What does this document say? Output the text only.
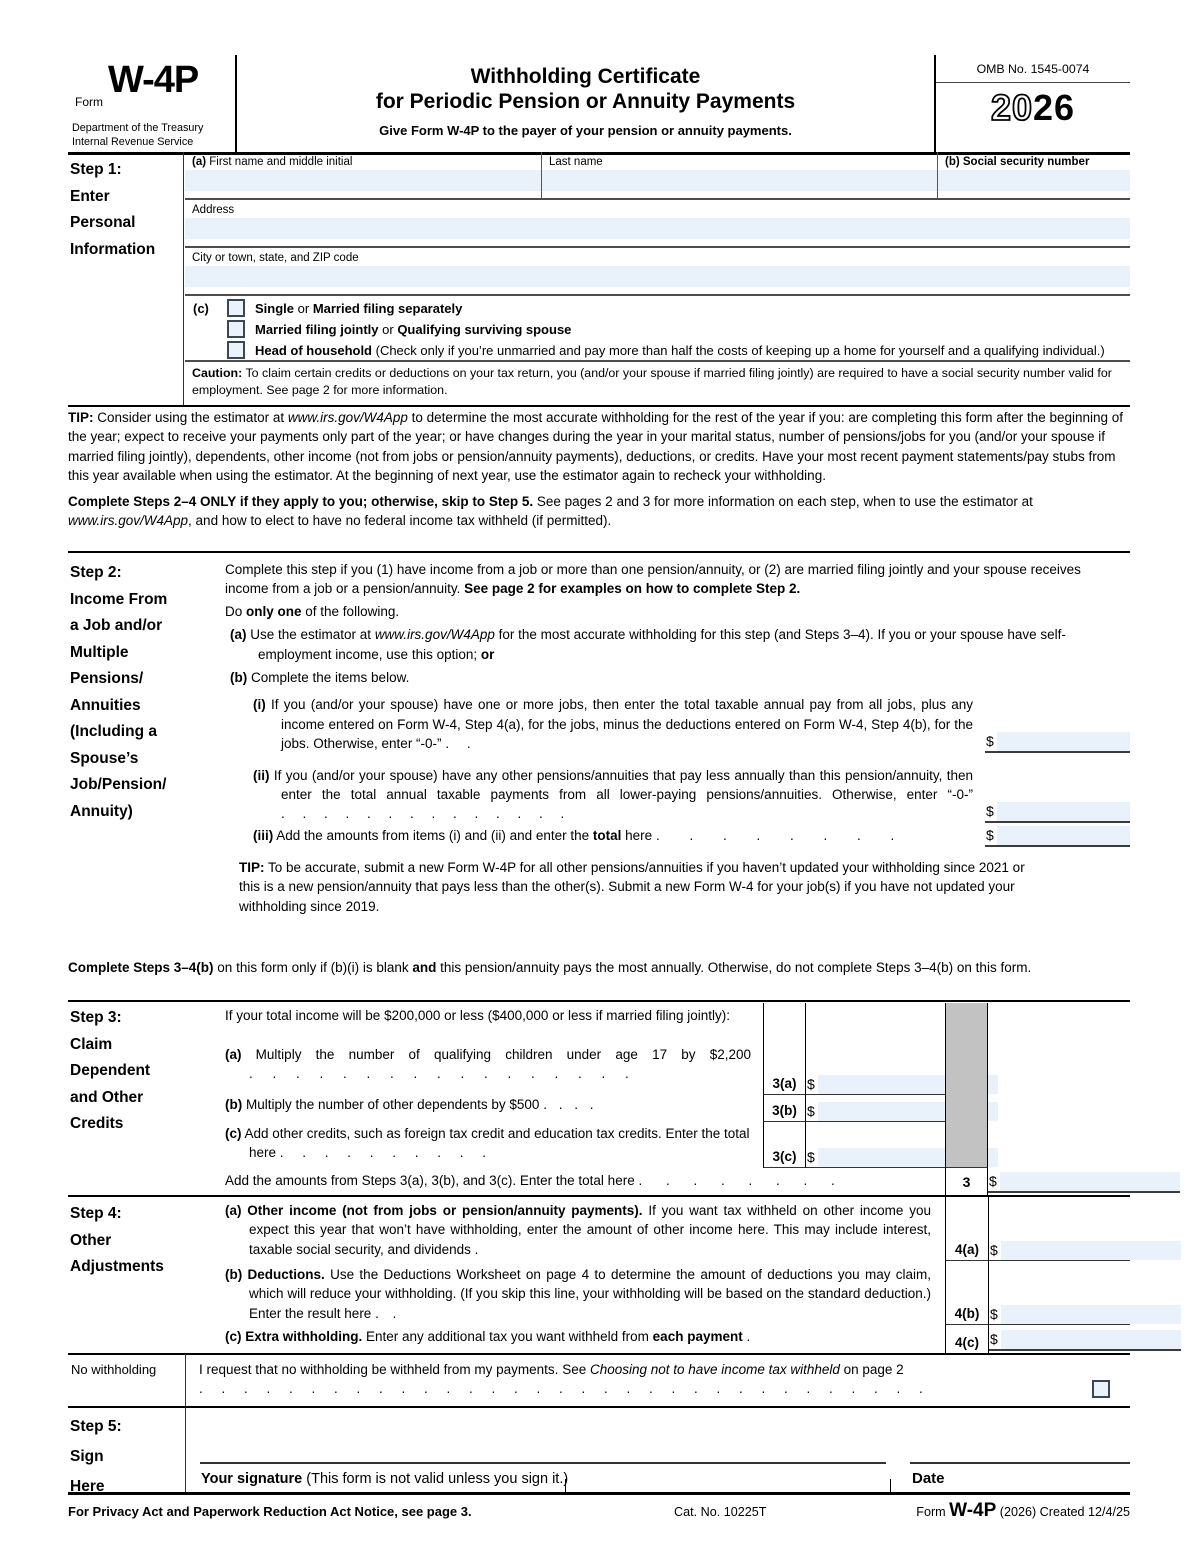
Form
W-4P
Department of the Treasury
Internal Revenue Service
Withholding Certificate
for Periodic Pension or Annuity Payments
Give Form W-4P to the payer of your pension or annuity payments.
OMB No. 1545-0074
2026
Step 1:
Enter
Personal
Information
(a) First name and middle initial	Last name	(b) Social security number
Address
City or town, state, and ZIP code
(c)	Single or Married filing separately
Married filing jointly or Qualifying surviving spouse
Head of household (Check only if you’re unmarried and pay more than half the costs of keeping up a home for yourself and a qualifying individual.)
Caution: To claim certain credits or deductions on your tax return, you (and/or your spouse if married filing jointly) are required to have a social security number valid for employment. See page 2 for more information.
TIP: Consider using the estimator at www.irs.gov/W4App to determine the most accurate withholding for the rest of the year if you: are completing this form after the beginning of the year; expect to receive your payments only part of the year; or have changes during the year in your marital status, number of pensions/jobs for you (and/or your spouse if married filing jointly), dependents, other income (not from jobs or pension/annuity payments), deductions, or credits. Have your most recent payment statements/pay stubs from this year available when using the estimator. At the beginning of next year, use the estimator again to recheck your withholding.
Complete Steps 2–4 ONLY if they apply to you; otherwise, skip to Step 5. See pages 2 and 3 for more information on each step, when to use the estimator at www.irs.gov/W4App, and how to elect to have no federal income tax withheld (if permitted).
Step 2:
Income From
a Job and/or
Multiple
Pensions/
Annuities
(Including a
Spouse’s
Job/Pension/
Annuity)
Complete this step if you (1) have income from a job or more than one pension/annuity, or (2) are married filing jointly and your spouse receives income from a job or a pension/annuity. See page 2 for examples on how to complete Step 2.
Do only one of the following.
(a) Use the estimator at www.irs.gov/W4App for the most accurate withholding for this step (and Steps 3–4). If you or your spouse have self-employment income, use this option; or
(b) Complete the items below.
(i) If you (and/or your spouse) have one or more jobs, then enter the total taxable annual pay from all jobs, plus any income entered on Form W-4, Step 4(a), for the jobs, minus the deductions entered on Form W-4, Step 4(b), for the jobs. Otherwise, enter “-0-” . .	$
(ii) If you (and/or your spouse) have any other pensions/annuities that pay less annually than this pension/annuity, then enter the total annual taxable payments from all lower-paying pensions/annuities. Otherwise, enter “-0-” . . . . . . . . . . . . . .	$
(iii) Add the amounts from items (i) and (ii) and enter the total here . . . . . . . .	$
TIP: To be accurate, submit a new Form W-4P for all other pensions/annuities if you haven’t updated your withholding since 2021 or this is a new pension/annuity that pays less than the other(s). Submit a new Form W-4 for your job(s) if you have not updated your withholding since 2019.
Complete Steps 3–4(b) on this form only if (b)(i) is blank and this pension/annuity pays the most annually. Otherwise, do not complete Steps 3–4(b) on this form.
Step 3:
Claim
Dependent
and Other
Credits
If your total income will be $200,000 or less ($400,000 or less if married filing jointly):
(a) Multiply the number of qualifying children under age 17 by $2,200 . . . . . . . . . . . . . . . . .
3(a) $
(b) Multiply the number of other dependents by $500 . . . .	3(b) $
(c) Add other credits, such as foreign tax credit and education tax credits. Enter the total here . . . . . . . . . .	3(c) $
Add the amounts from Steps 3(a), 3(b), and 3(c). Enter the total here . . . . . . . .	3	$
Step 4:
Other
Adjustments
(a) Other income (not from jobs or pension/annuity payments). If you want tax withheld on other income you expect this year that won’t have withholding, enter the amount of other income here. This may include interest, taxable social security, and dividends .	4(a) $
(b) Deductions. Use the Deductions Worksheet on page 4 to determine the amount of deductions you may claim, which will reduce your withholding. (If you skip this line, your withholding will be based on the standard deduction.) Enter the result here . .	4(b) $
(c) Extra withholding. Enter any additional tax you want withheld from each payment .	4(c) $
No withholding	I request that no withholding be withheld from my payments. See Choosing not to have income tax withheld on page 2 . . . . . . . . . . . . . . . . . . . . . . . . . . . . . . . . .
Step 5:
Sign
Here	Your signature (This form is not valid unless you sign it.)	Date
For Privacy Act and Paperwork Reduction Act Notice, see page 3.	Cat. No. 10225T	Form W-4P (2026) Created 12/4/25
